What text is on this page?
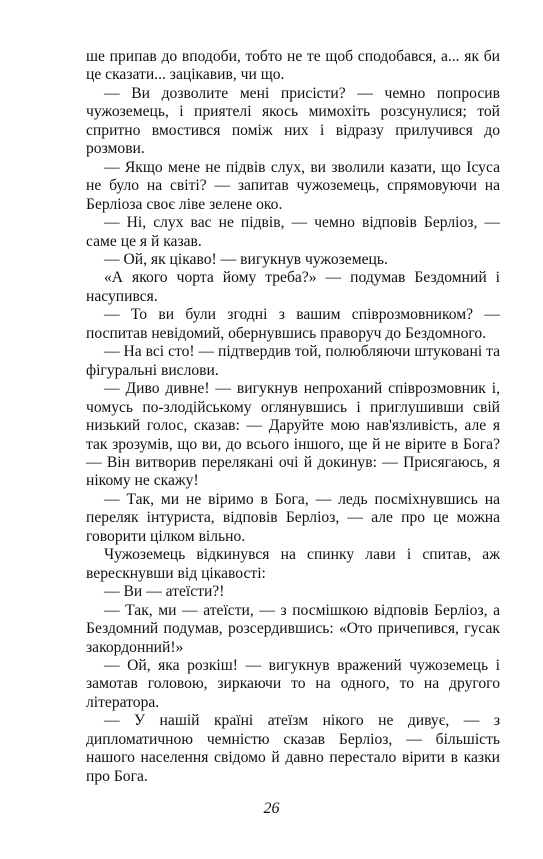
ше припав до вподоби, тобто не те щоб сподобався, а... як би це сказати... зацікавив, чи що.

— Ви дозволите мені присісти? — чемно попросив чужоземець, і приятелі якось мимохіть розсунулися; той спритно вмостився поміж них і відразу прилучився до розмови.

— Якщо мене не підвів слух, ви зволили казати, що Ісуса не було на світі? — запитав чужоземець, спрямовуючи на Берліоза своє ліве зелене око.

— Ні, слух вас не підвів, — чемно відповів Берліоз, — саме це я й казав.

— Ой, як цікаво! — вигукнув чужоземець.

«А якого чорта йому треба?» — подумав Бездомний і насупився.

— То ви були згодні з вашим співрозмовником? — поспитав невідомий, обернувшись праворуч до Бездомного.

— На всі сто! — підтвердив той, полюбляючи штуковані та фігуральні вислови.

— Диво дивне! — вигукнув непроханий співрозмовник і, чомусь по-злодійському оглянувшись і приглушивши свій низький голос, сказав: — Даруйте мою нав'язливість, але я так зрозумів, що ви, до всього іншого, ще й не вірите в Бога? — Він витворив перелякані очі й докинув: — Присягаюсь, я нікому не скажу!

— Так, ми не віримо в Бога, — ледь посміхнувшись на переляк інтуриста, відповів Берліоз, — але про це можна говорити цілком вільно.

Чужоземець відкинувся на спинку лави і спитав, аж верескнувши від цікавості:

— Ви — атеїсти?!

— Так, ми — атеїсти, — з посмішкою відповів Берліоз, а Бездомний подумав, розсердившись: «Ото причепився, гусак закордонний!»

— Ой, яка розкіш! — вигукнув вражений чужоземець і замотав головою, зиркаючи то на одного, то на другого літератора.

— У нашій країні атеїзм нікого не дивує, — з дипломатичною чемністю сказав Берліоз, — більшість нашого населення свідомо й давно перестало вірити в казки про Бога.

26
